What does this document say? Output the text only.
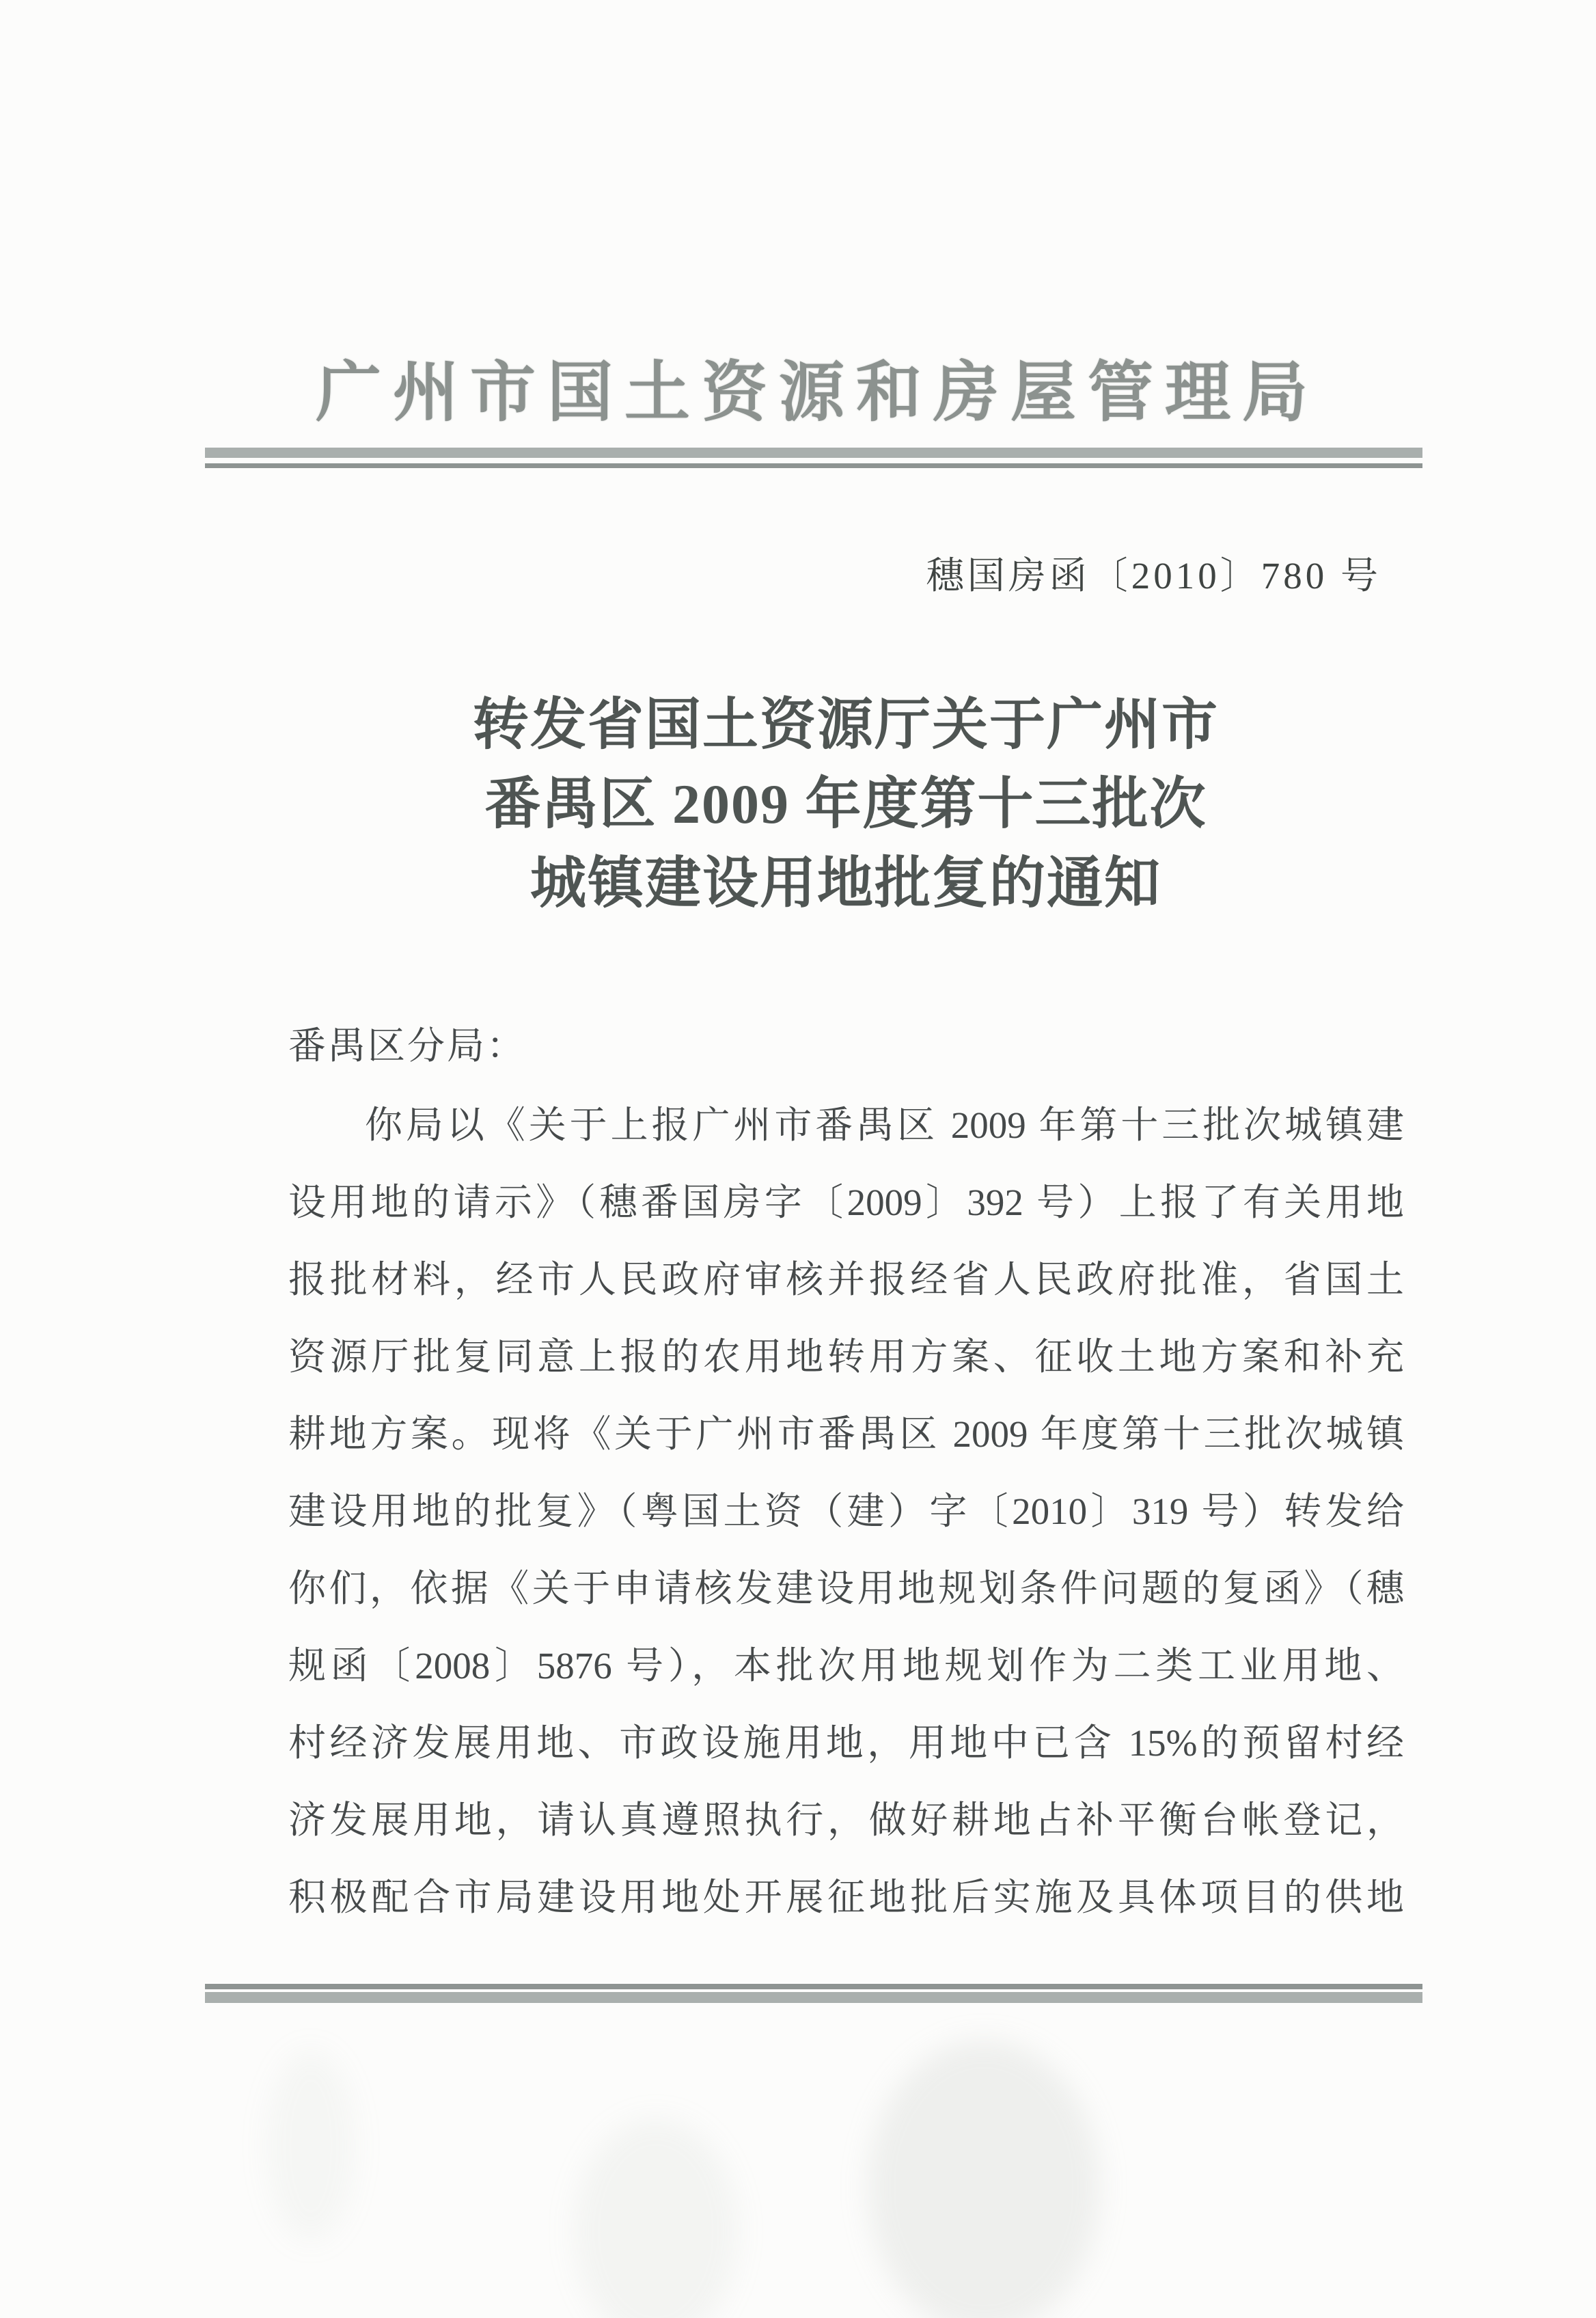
广州市国土资源和房屋管理局
穗国房函〔2010〕780 号
转发省国土资源厅关于广州市
番禺区 2009 年度第十三批次
城镇建设用地批复的通知
番禺区分局：
你局以《关于上报广州市番禺区 2009 年第十三批次城镇建
设用地的请示》（穗番国房字〔2009〕392 号）上报了有关用地
报批材料，经市人民政府审核并报经省人民政府批准，省国土
资源厅批复同意上报的农用地转用方案、征收土地方案和补充
耕地方案。现将《关于广州市番禺区 2009 年度第十三批次城镇
建设用地的批复》（粤国土资（建）字〔2010〕319 号）转发给
你们，依据《关于申请核发建设用地规划条件问题的复函》（穗
规函〔2008〕5876 号），本批次用地规划作为二类工业用地、
村经济发展用地、市政设施用地，用地中已含 15%的预留村经
济发展用地，请认真遵照执行，做好耕地占补平衡台帐登记，
积极配合市局建设用地处开展征地批后实施及具体项目的供地
